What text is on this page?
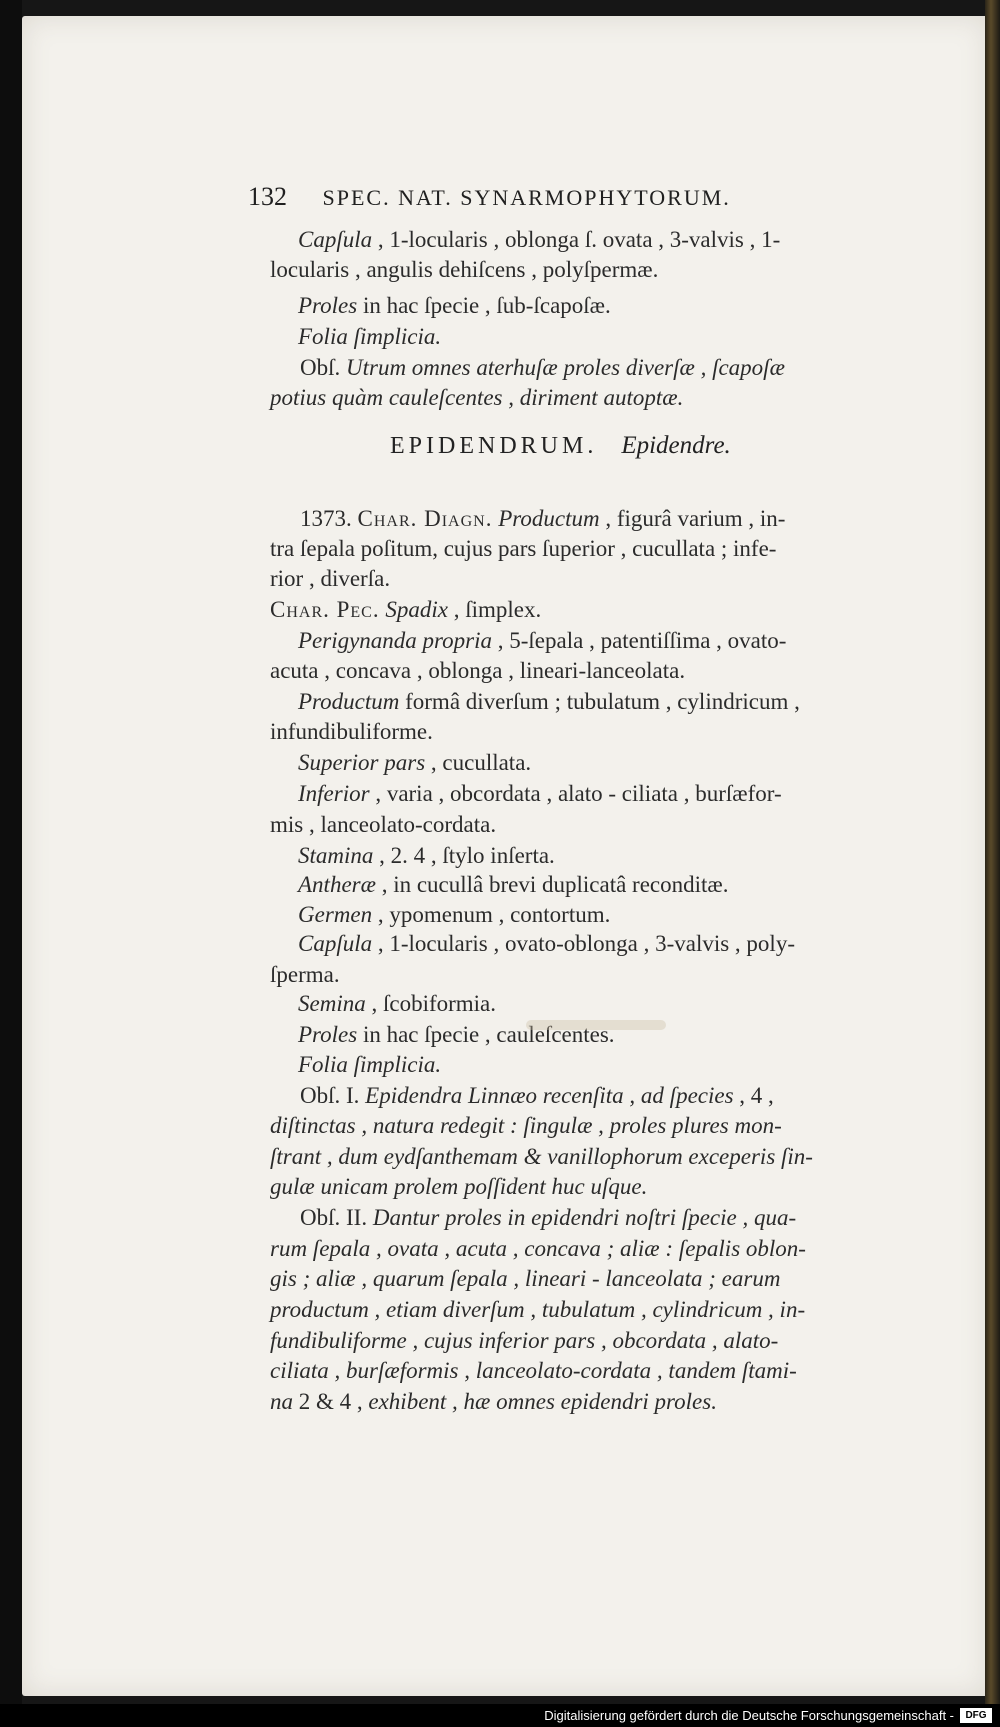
132 SPEC. NAT. SYNARMOPHYTORUM.
EPIDENDRUM. Epidendre.
Capſula , 1-locularis , oblonga ſ. ovata , 3-valvis , 1-
locularis , angulis dehiſcens , polyſpermæ.
Proles in hac ſpecie , ſub-ſcapoſæ.
Folia ſimplicia.
Obſ. Utrum omnes aterhuſæ proles diverſæ , ſcapoſæ
potius quàm cauleſcentes , diriment autoptæ.
1373. Char. Diagn. Productum , figurâ varium , in-
tra ſepala poſitum, cujus pars ſuperior , cucullata ; infe-
rior , diverſa.
Char. Pec. Spadix , ſimplex.
Perigynanda propria , 5-ſepala , patentiſſima , ovato-
acuta , concava , oblonga , lineari-lanceolata.
Productum formâ diverſum ; tubulatum , cylindricum ,
infundibuliforme.
Superior pars , cucullata.
Inferior , varia , obcordata , alato - ciliata , burſæfor-
mis , lanceolato-cordata.
Stamina , 2. 4 , ſtylo inſerta.
Antheræ , in cucullâ brevi duplicatâ reconditæ.
Germen , ypomenum , contortum.
Capſula , 1-locularis , ovato-oblonga , 3-valvis , poly-
ſperma.
Semina , ſcobiformia.
Proles in hac ſpecie , cauleſcentes.
Folia ſimplicia.
Obſ. I. Epidendra Linnæo recenſita , ad ſpecies , 4 ,
diſtinctas , natura redegit : ſingulæ , proles plures mon-
ſtrant , dum eydſanthemam & vanillophorum exceperis ſin-
gulæ unicam prolem poſſident huc uſque.
Obſ. II. Dantur proles in epidendri noſtri ſpecie , qua-
rum ſepala , ovata , acuta , concava ; aliæ : ſepalis oblon-
gis ; aliæ , quarum ſepala , lineari - lanceolata ; earum
productum , etiam diverſum , tubulatum , cylindricum , in-
fundibuliforme , cujus inferior pars , obcordata , alato-
ciliata , burſæformis , lanceolato-cordata , tandem ſtami-
na 2 & 4 , exhibent , hæ omnes epidendri proles.
Digitalisierung gefördert durch die Deutsche Forschungsgemeinschaft -	DFG
